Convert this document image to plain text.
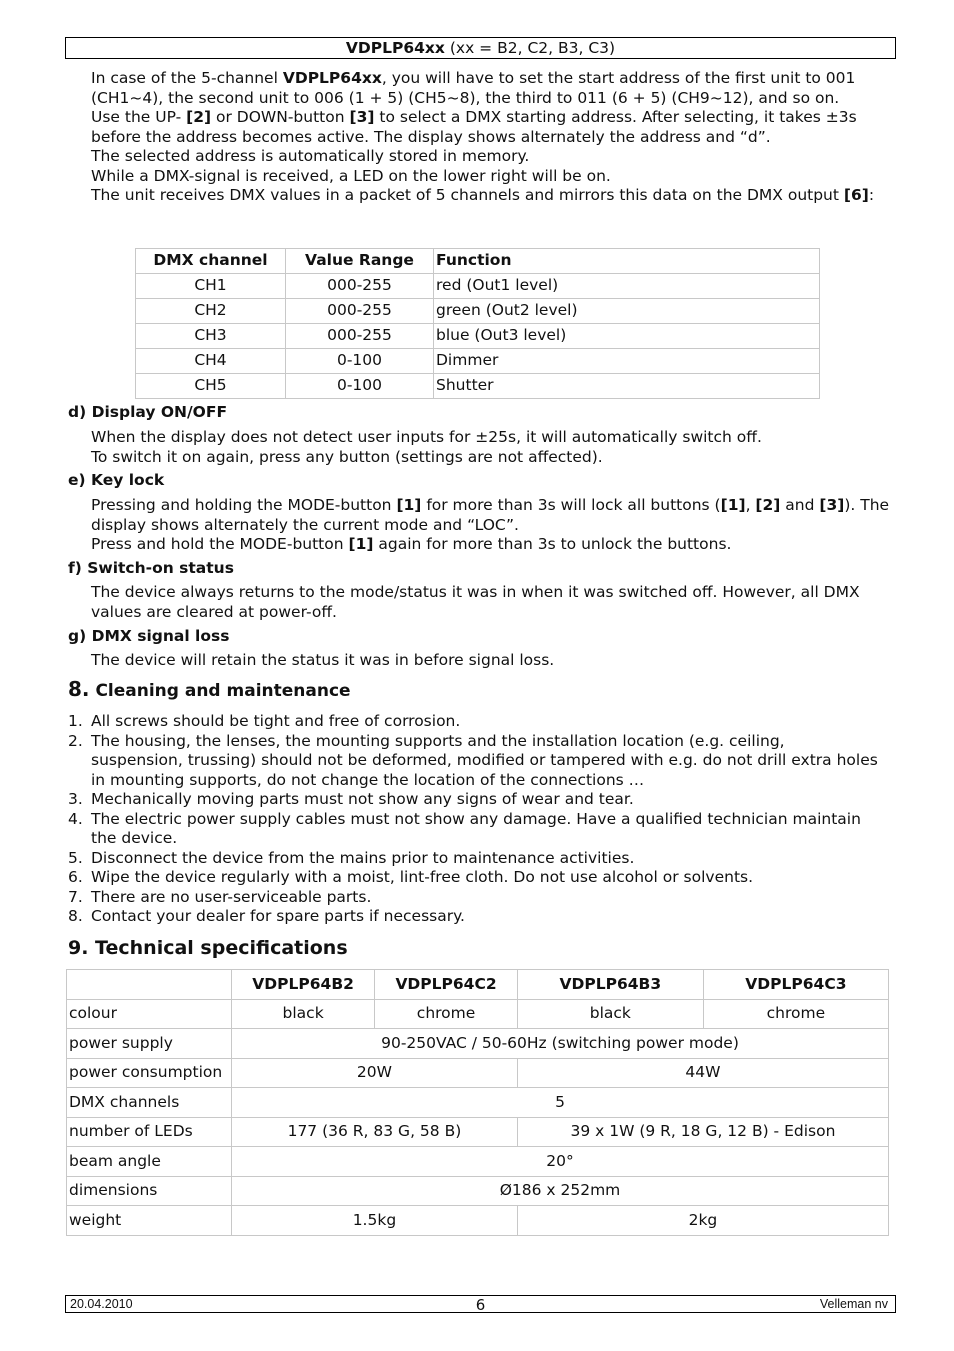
VDPLP64xx (xx = B2, C2, B3, C3)

In case of the 5-channel VDPLP64xx, you will have to set the start address of the first unit to 001 (CH1~4), the second unit to 006 (1 + 5) (CH5~8), the third to 011 (6 + 5) (CH9~12), and so on.

Use the UP- [2] or DOWN-button [3] to select a DMX starting address. After selecting, it takes ±3s before the address becomes active. The display shows alternately the address and “d”.

The selected address is automatically stored in memory.

While a DMX-signal is received, a LED on the lower right will be on.

The unit receives DMX values in a packet of 5 channels and mirrors this data on the DMX output [6]:

DMX channel	Value Range	Function
CH1	000-255	red (Out1 level)
CH2	000-255	green (Out2 level)
CH3	000-255	blue (Out3 level)
CH4	0-100	Dimmer
CH5	0-100	Shutter
d) Display ON/OFF

When the display does not detect user inputs for ±25s, it will automatically switch off.

To switch it on again, press any button (settings are not affected).

e) Key lock

Pressing and holding the MODE-button [1] for more than 3s will lock all buttons ([1], [2] and [3]). The display shows alternately the current mode and “LOC”.

Press and hold the MODE-button [1] again for more than 3s to unlock the buttons.

f) Switch-on status
The device always returns to the mode/status it was in when it was switched off. However, all DMX values are cleared at power-off.
g) DMX signal loss
The device will retain the status it was in before signal loss.
8. Cleaning and maintenance
1. All screws should be tight and free of corrosion.
2. The housing, the lenses, the mounting supports and the installation location (e.g. ceiling, suspension, trussing) should not be deformed, modified or tampered with e.g. do not drill extra holes in mounting supports, do not change the location of the connections …
3. Mechanically moving parts must not show any signs of wear and tear.
4. The electric power supply cables must not show any damage. Have a qualified technician maintain the device.
5. Disconnect the device from the mains prior to maintenance activities.
6. Wipe the device regularly with a moist, lint-free cloth. Do not use alcohol or solvents.
7. There are no user-serviceable parts.
8. Contact your dealer for spare parts if necessary.
9. Technical specifications
	VDPLP64B2	VDPLP64C2	VDPLP64B3	VDPLP64C3
colour	black	chrome	black	chrome
power supply	90-250VAC / 50-60Hz (switching power mode)			
power consumption	20W		44W	
DMX channels	5			
number of LEDs	177 (36 R, 83 G, 58 B)		39 x 1W (9 R, 18 G, 12 B) - Edison	
beam angle	20°			
dimensions	Ø186 x 252mm			
weight	1.5kg		2kg	
20.04.2010	6	Velleman nv
